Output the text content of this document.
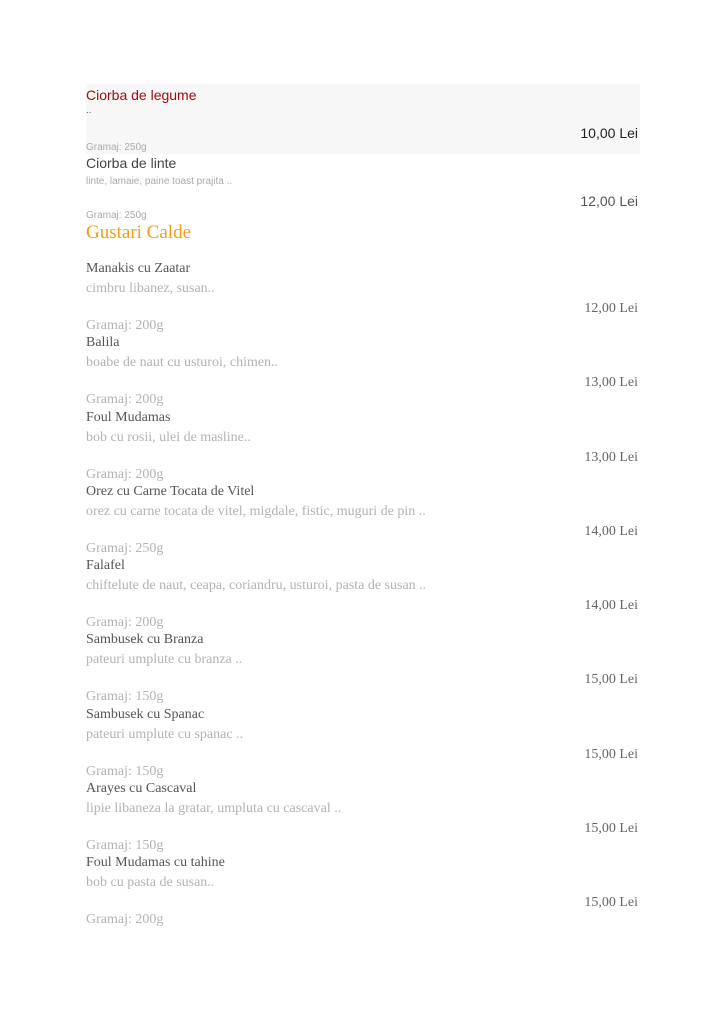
Ciorba de legume
..
10,00 Lei
Gramaj: 250g
Ciorba de linte
linte, lamaie, paine toast prajita ..
12,00 Lei
Gramaj: 250g
Gustari Calde
Manakis cu Zaatar
cimbru libanez, susan..
12,00 Lei
Gramaj: 200g
Balila
boabe de naut cu usturoi, chimen..
13,00 Lei
Gramaj: 200g
Foul Mudamas
bob cu rosii, ulei de masline..
13,00 Lei
Gramaj: 200g
Orez cu Carne Tocata de Vitel
orez cu carne tocata de vitel, migdale, fistic, muguri de pin ..
14,00 Lei
Gramaj: 250g
Falafel
chiftelute de naut, ceapa, coriandru, usturoi, pasta de susan ..
14,00 Lei
Gramaj: 200g
Sambusek cu Branza
pateuri umplute cu branza ..
15,00 Lei
Gramaj: 150g
Sambusek cu Spanac
pateuri umplute cu spanac ..
15,00 Lei
Gramaj: 150g
Arayes cu Cascaval
lipie libaneza la gratar, umpluta cu cascaval ..
15,00 Lei
Gramaj: 150g
Foul Mudamas cu tahine
bob cu pasta de susan..
15,00 Lei
Gramaj: 200g
